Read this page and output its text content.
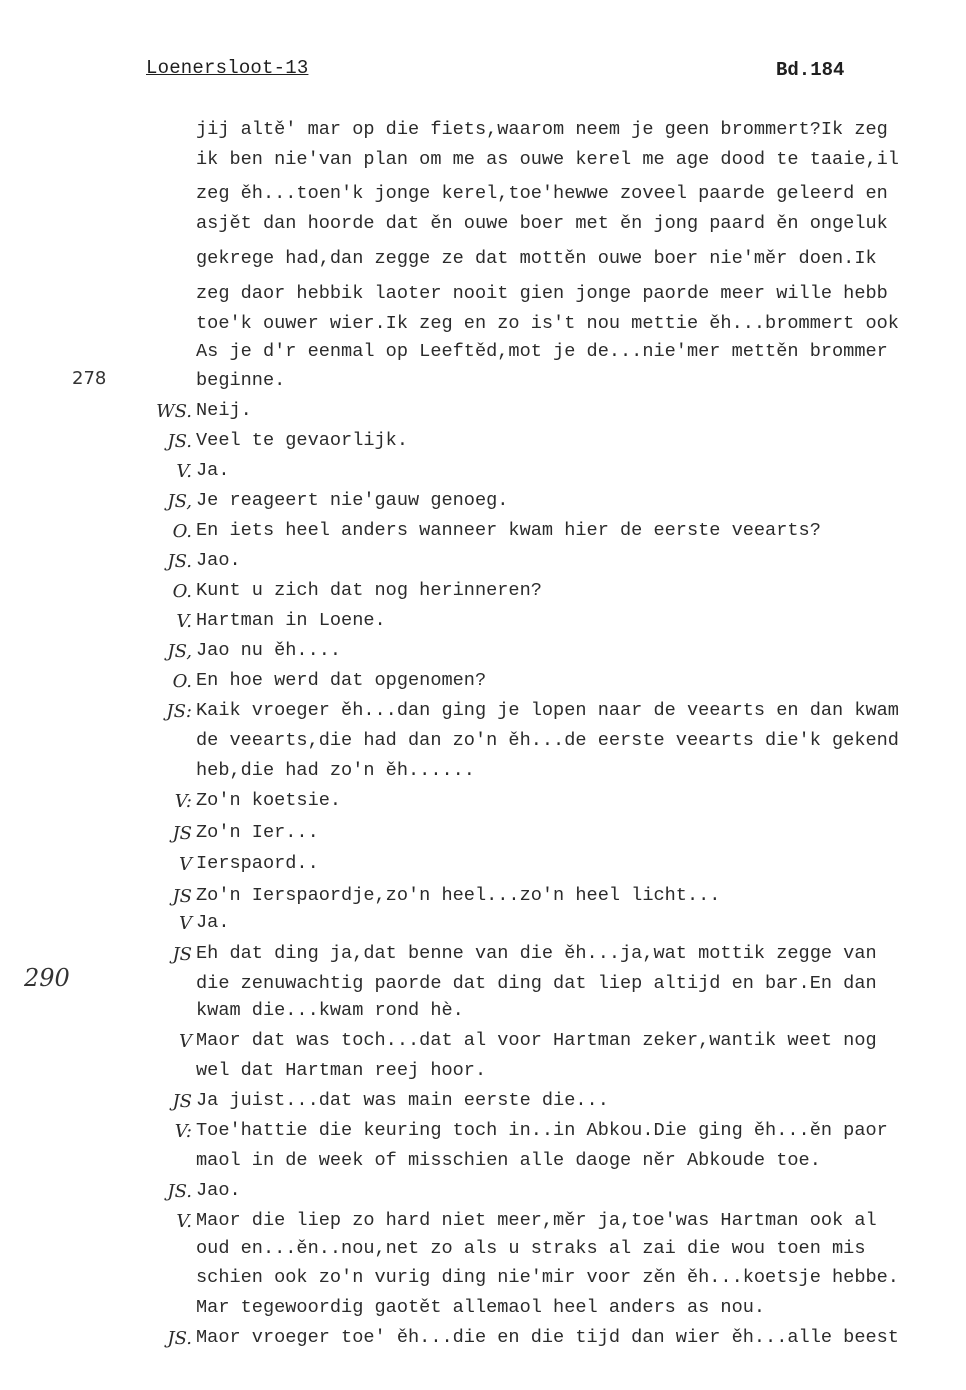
Loenersloot-13	Bd.184
278
290
jij altě' mar op die fiets,waarom neem je geen brommert?Ik zeg
ik ben nie'van plan om me as ouwe kerel me age dood te taaie,il
zeg ěh...toen'k jonge kerel,toe'hewwe zoveel paarde geleerd en
asjět dan hoorde dat ěn ouwe boer met ěn jong paard ěn ongeluk
gekrege had,dan zegge ze dat mottěn ouwe boer nie'měr doen.Ik
zeg daor hebbik laoter nooit gien jonge paorde meer wille hebb
toe'k ouwer wier.Ik zeg en zo is't nou mettie ěh...brommert ook
As je d'r eenmal op Leeftěd,mot je de...nie'mer mettěn brommer
beginne.
WS. Neij.
JS. Veel te gevaorlijk.
V. Ja.
JS, Je reageert nie'gauw genoeg.
O. En iets heel anders wanneer kwam hier de eerste veearts?
JS. Jao.
O. Kunt u zich dat nog herinneren?
V. Hartman in Loene.
JS, Jao nu ěh....
O. En hoe werd dat opgenomen?
JS: Kaik vroeger ěh...dan ging je lopen naar de veearts en dan kwam
de veearts,die had dan zo'n ěh...de eerste veearts die'k gekend
heb,die had zo'n ěh......
V: Zo'n koetsie.
JS Zo'n Ier...
V Ierspaord..
JS Zo'n Ierspaordje,zo'n heel...zo'n heel licht...
V Ja.
JS Eh dat ding ja,dat benne van die ěh...ja,wat mottik zegge van
die zenuwachtig paorde dat ding dat liep altijd en bar.En dan
kwam die...kwam rond hè.
V Maor dat was toch...dat al voor Hartman zeker,wantik weet nog
wel dat Hartman reej hoor.
JS Ja juist...dat was main eerste die...
V: Toe'hattie die keuring toch in..in Abkou.Die ging ěh...ěn paor
maol in de week of misschien alle daoge něr Abkoude toe.
JS. Jao.
V. Maor die liep zo hard niet meer,měr ja,toe'was Hartman ook al
oud en...ěn..nou,net zo als u straks al zai die wou toen mis
schien ook zo'n vurig ding nie'mir voor zěn ěh...koetsje hebbe.
Mar tegewoordig gaotět allemaol heel anders as nou.
JS. Maor vroeger toe' ěh...die en die tijd dan wier ěh...alle beest
